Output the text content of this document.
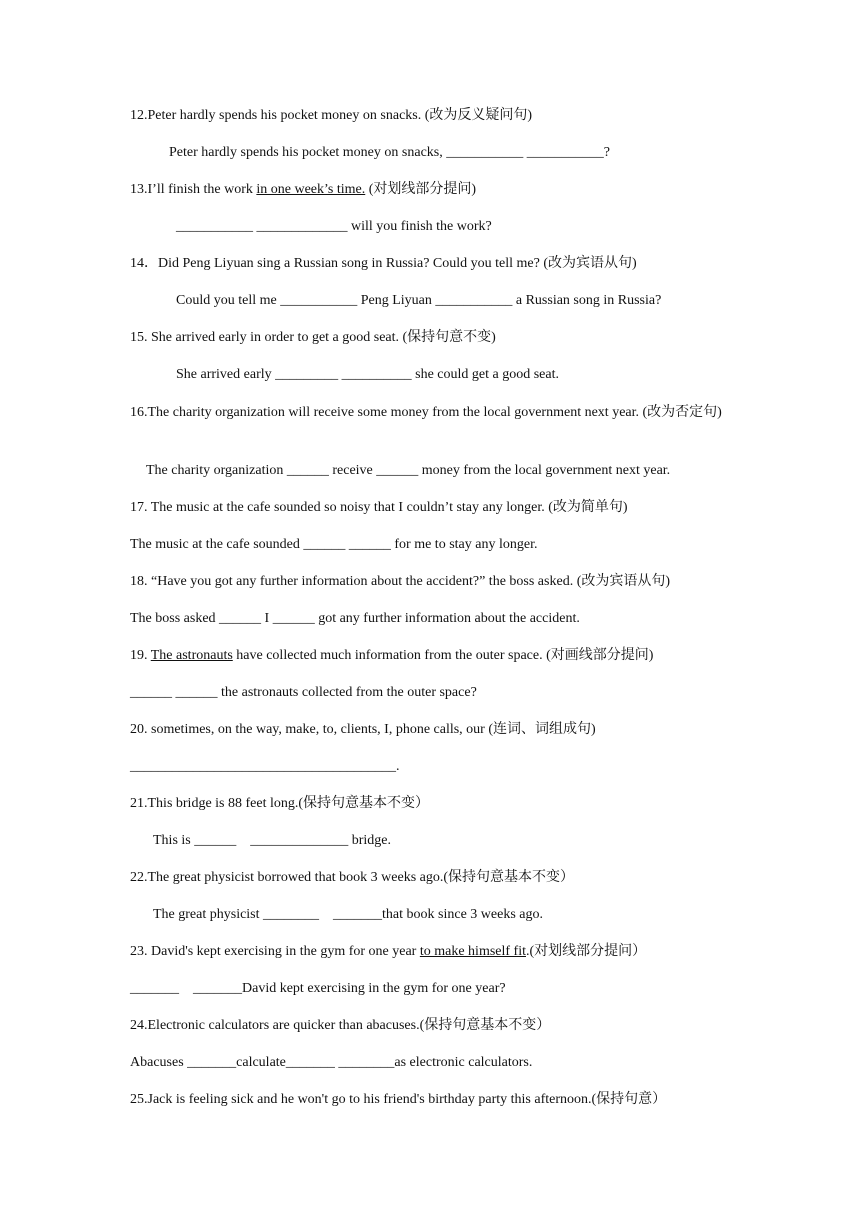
12.Peter hardly spends his pocket money on snacks. (改为反义疑问句)
Peter hardly spends his pocket money on snacks, ___________ ___________?
13.I’ll finish the work in one week’s time. (对划线部分提问)
___________ _____________ will you finish the work?
14．Did Peng Liyuan sing a Russian song in Russia? Could you tell me? (改为宾语从句)
Could you tell me ___________ Peng Liyuan ___________ a Russian song in Russia?
15. She arrived early in order to get a good seat. (保持句意不变)
She arrived early _________ __________ she could get a good seat.
16.The charity organization will receive some money from the local government next year. (改为否定句)
The charity organization ______ receive ______ money from the local government next year.
17. The music at the cafe sounded so noisy that I couldn’t stay any longer. (改为简单句)
The music at the cafe sounded ______ ______ for me to stay any longer.
18. “Have you got any further information about the accident?” the boss asked. (改为宾语从句)
The boss asked ______ I ______ got any further information about the accident.
19. The astronauts have collected much information from the outer space. (对画线部分提问)
______ ______ the astronauts collected from the outer space?
20. sometimes, on the way, make, to, clients, I, phone calls, our (连词、词组成句)
______________________________________.
21.This bridge is 88 feet long.(保持句意基本不变）
This is ______    ______________ bridge.
22.The great physicist borrowed that book 3 weeks ago.(保持句意基本不变）
The great physicist ________    _______that book since 3 weeks ago.
23. David's kept exercising in the gym for one year to make himself fit.(对划线部分提问）
_______    _______David kept exercising in the gym for one year?
24.Electronic calculators are quicker than abacuses.(保持句意基本不变）
Abacuses _______calculate_______ ________as electronic calculators.
25.Jack is feeling sick and he won't go to his friend's birthday party this afternoon.(保持句意）
